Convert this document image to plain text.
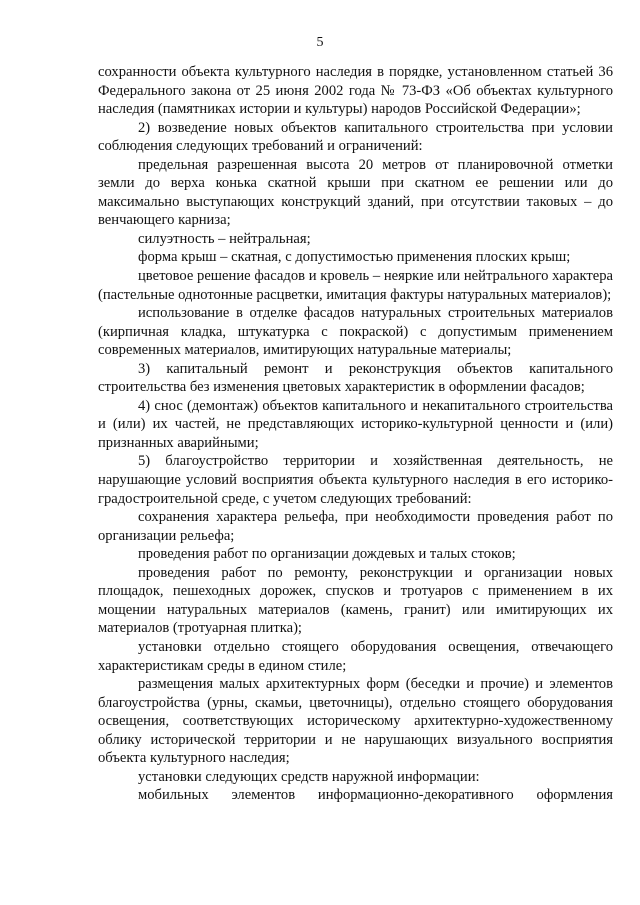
5

сохранности объекта культурного наследия в порядке, установленном статьей 36 Федерального закона от 25 июня 2002 года № 73-ФЗ «Об объектах культурного наследия (памятниках истории и культуры) народов Российской Федерации»;

2) возведение новых объектов капитального строительства при условии соблюдения следующих требований и ограничений:

предельная разрешенная высота 20 метров от планировочной отметки земли до верха конька скатной крыши при скатном ее решении или до максимально выступающих конструкций зданий, при отсутствии таковых – до венчающего карниза;

силуэтность – нейтральная;

форма крыш – скатная, с допустимостью применения плоских крыш;

цветовое решение фасадов и кровель – неяркие или нейтрального характера (пастельные однотонные расцветки, имитация фактуры натуральных материалов);

использование в отделке фасадов натуральных строительных материалов (кирпичная кладка, штукатурка с покраской) с допустимым применением современных материалов, имитирующих натуральные материалы;

3) капитальный ремонт и реконструкция объектов капитального строительства без изменения цветовых характеристик в оформлении фасадов;

4) снос (демонтаж) объектов капитального и некапитального строительства и (или) их частей, не представляющих историко-культурной ценности и (или) признанных аварийными;

5) благоустройство территории и хозяйственная деятельность, не нарушающие условий восприятия объекта культурного наследия в его историко-градостроительной среде, с учетом следующих требований:

сохранения характера рельефа, при необходимости проведения работ по организации рельефа;

проведения работ по организации дождевых и талых стоков;

проведения работ по ремонту, реконструкции и организации новых площадок, пешеходных дорожек, спусков и тротуаров с применением в их мощении натуральных материалов (камень, гранит) или имитирующих их материалов (тротуарная плитка);

установки отдельно стоящего оборудования освещения, отвечающего характеристикам среды в едином стиле;

размещения малых архитектурных форм (беседки и прочие) и элементов благоустройства (урны, скамьи, цветочницы), отдельно стоящего оборудования освещения, соответствующих историческому архитектурно-художественному облику исторической территории и не нарушающих визуального восприятия объекта культурного наследия;

установки следующих средств наружной информации:

мобильных элементов информационно-декоративного оформления
